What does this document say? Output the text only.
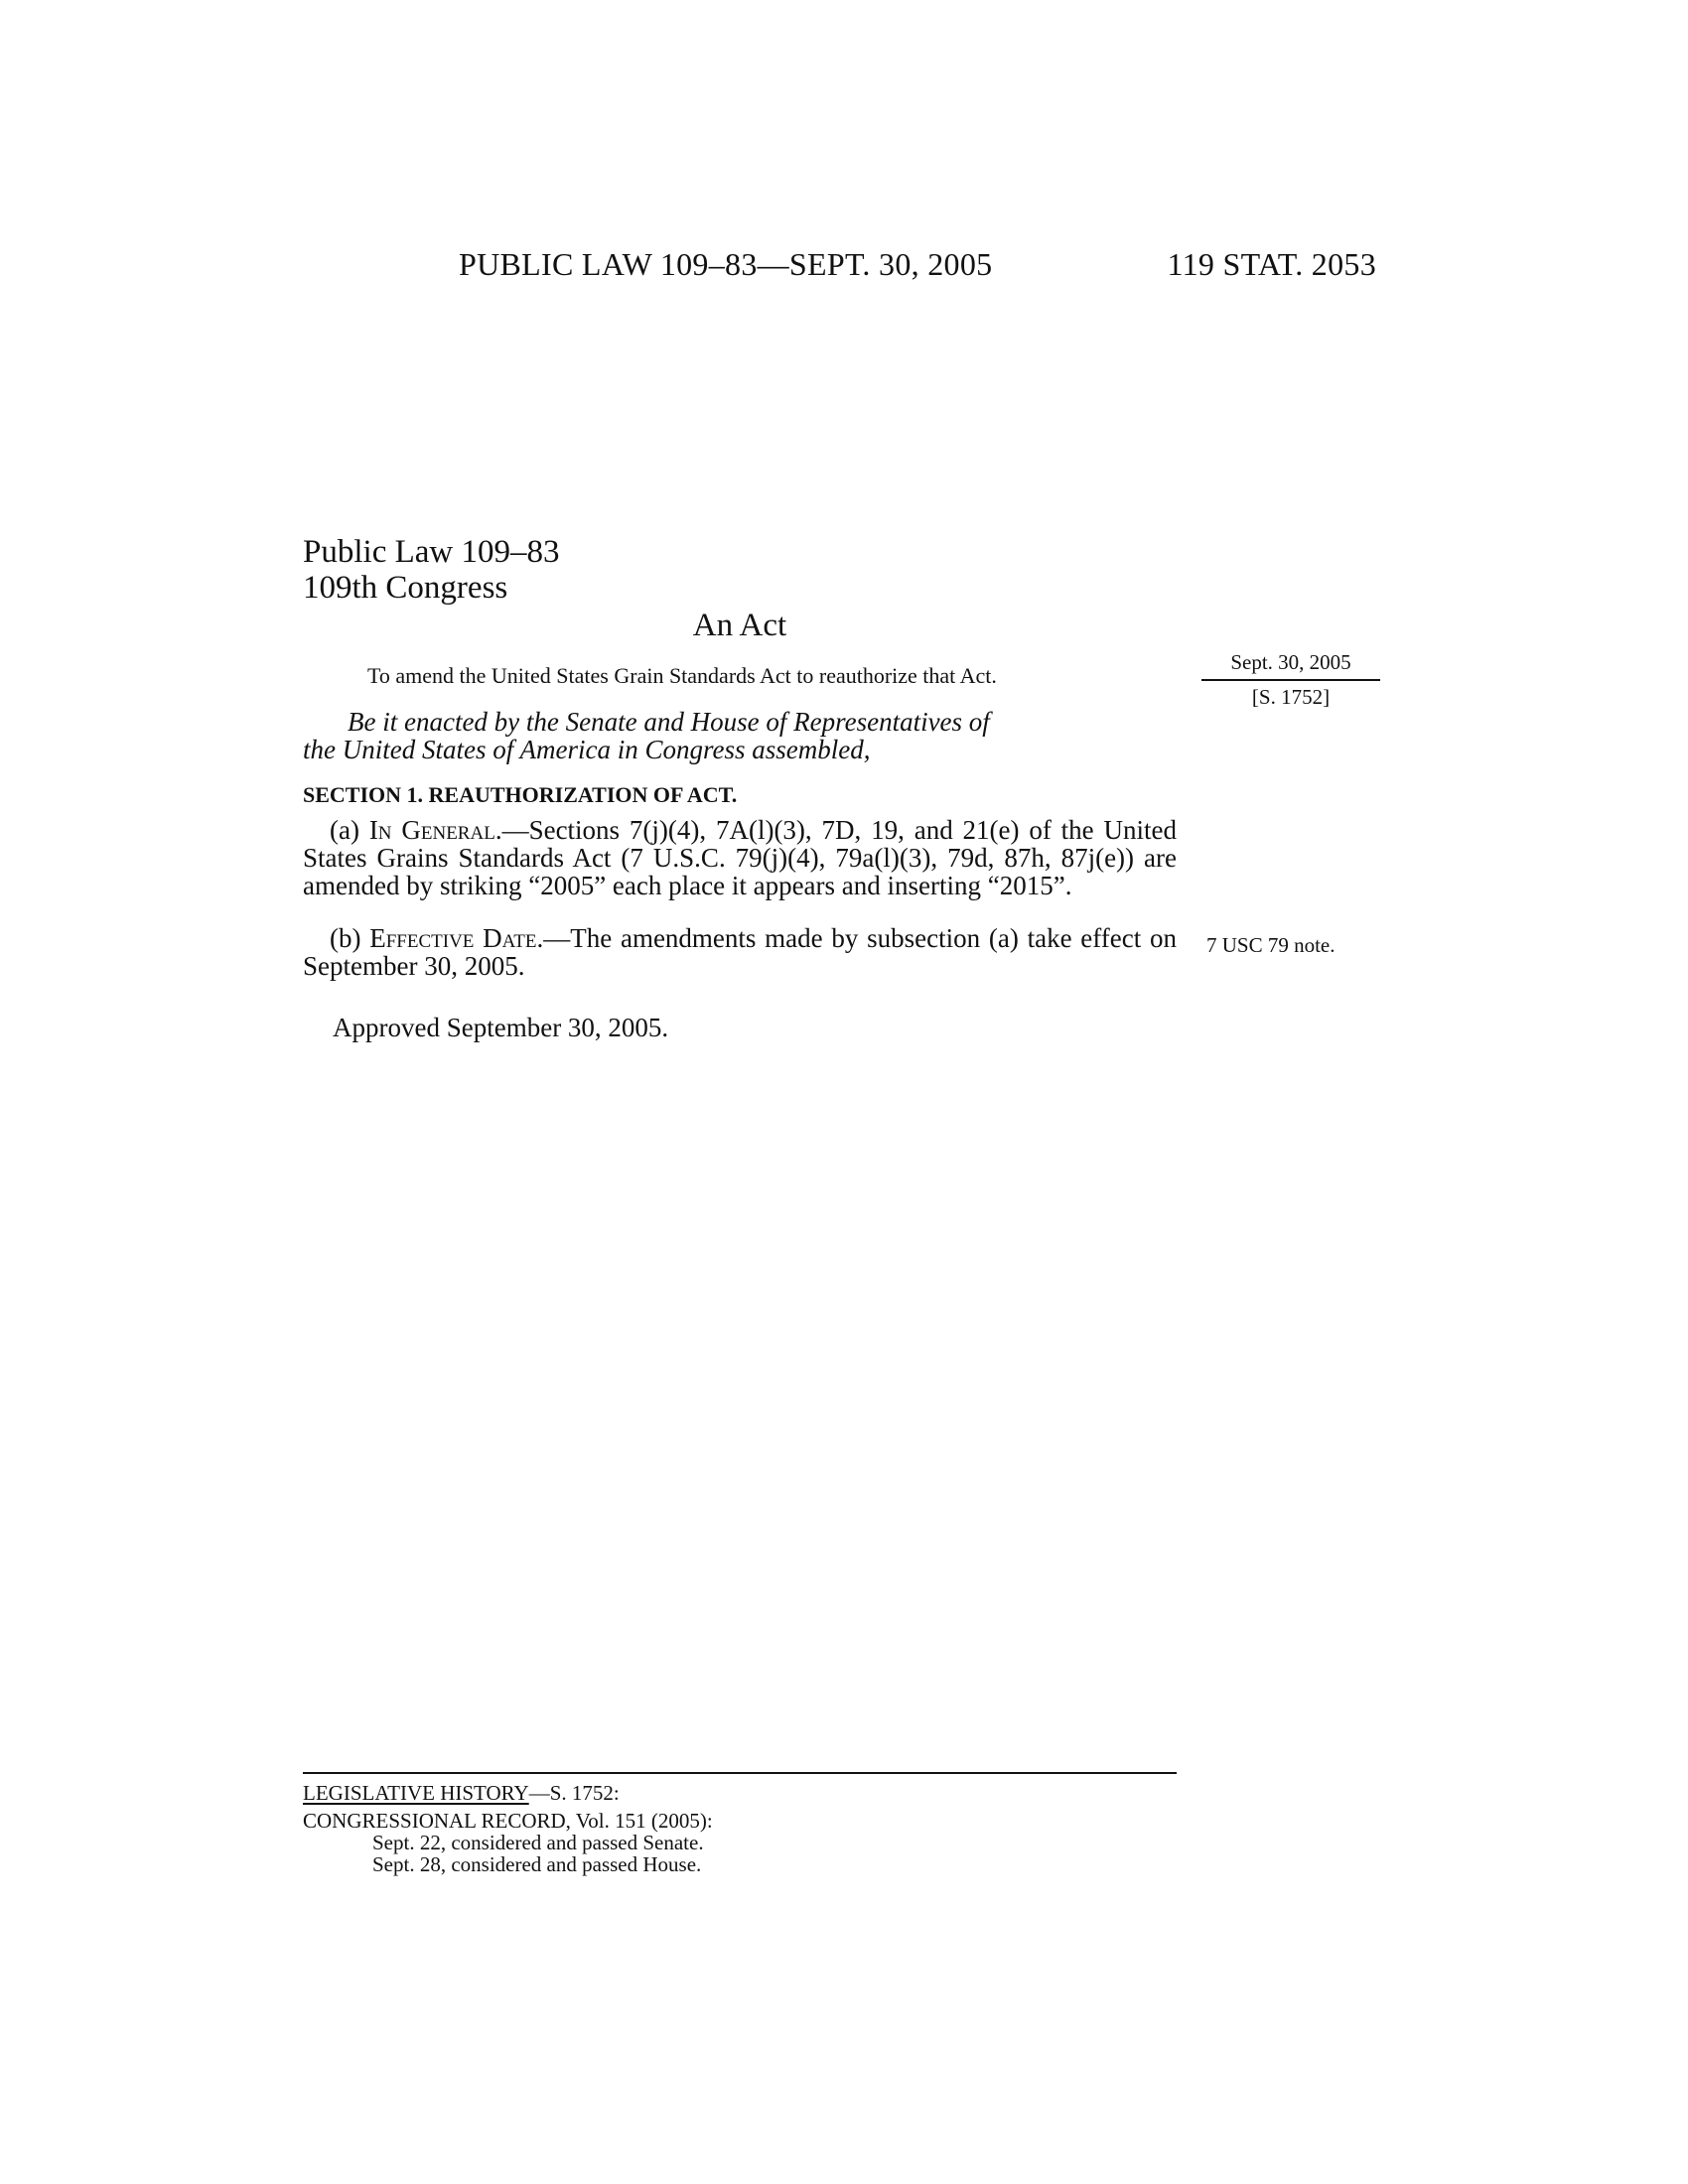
PUBLIC LAW 109–83—SEPT. 30, 2005	119 STAT. 2053
Public Law 109–83
109th Congress
An Act
To amend the United States Grain Standards Act to reauthorize that Act.
Sept. 30, 2005
[S. 1752]

Be it enacted by the Senate and House of Representatives of

the United States of America in Congress assembled,

SECTION 1. REAUTHORIZATION OF ACT.

(a) In General.—Sections 7(j)(4), 7A(l)(3), 7D, 19, and 21(e) of the United States Grains Standards Act (7 U.S.C. 79(j)(4), 79a(l)(3), 79d, 87h, 87j(e)) are amended by striking “2005” each place it appears and inserting “2015”.

(b) Effective Date.—The amendments made by subsection (a) take effect on September 30, 2005.

7 USC 79 note.
Approved September 30, 2005.
LEGISLATIVE HISTORY—S. 1752:
CONGRESSIONAL RECORD, Vol. 151 (2005):
Sept. 22, considered and passed Senate.
Sept. 28, considered and passed House.
